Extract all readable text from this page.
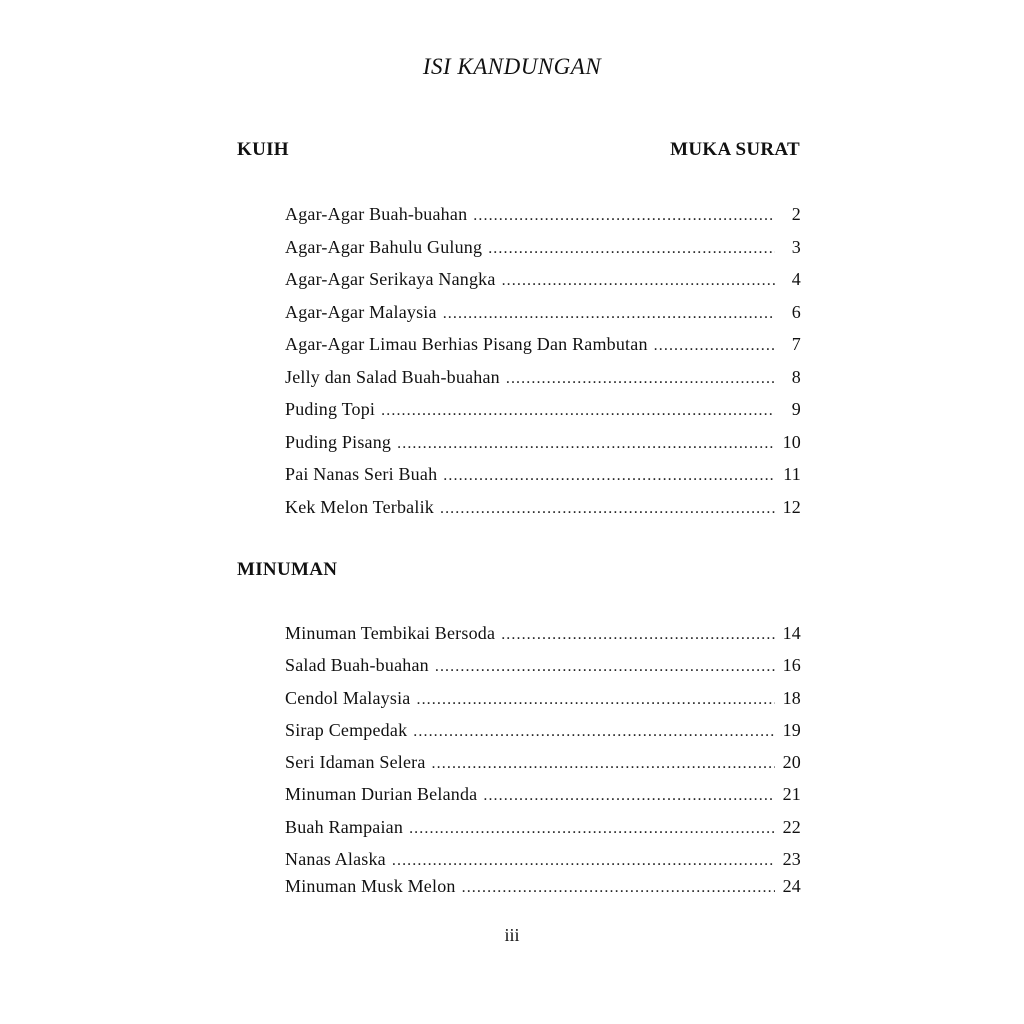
ISI KANDUNGAN
KUIH	MUKA SURAT
Agar-Agar Buah-buahan .....	2
Agar-Agar Bahulu Gulung .....	3
Agar-Agar Serikaya Nangka .....	4
Agar-Agar Malaysia .....	6
Agar-Agar Limau Berhias Pisang Dan Rambutan .....	7
Jelly dan Salad Buah-buahan .....	8
Puding Topi .....	9
Puding Pisang .....	10
Pai Nanas Seri Buah .....	11
Kek Melon Terbalik .....	12
MINUMAN
Minuman Tembikai Bersoda .....	14
Salad Buah-buahan .....	16
Cendol Malaysia .....	18
Sirap Cempedak .....	19
Seri Idaman Selera .....	20
Minuman Durian Belanda .....	21
Buah Rampaian .....	22
Nanas Alaska .....	23
Minuman Musk Melon .....	24
iii
